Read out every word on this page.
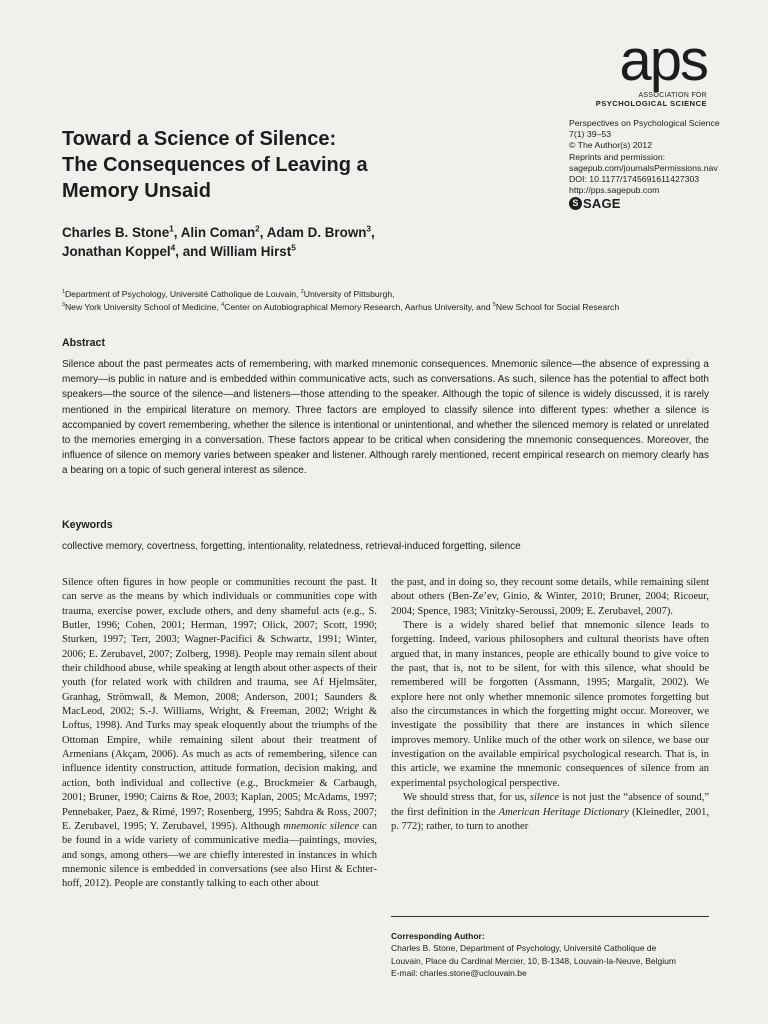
aps
ASSOCIATION FOR
PSYCHOLOGICAL SCIENCE
Perspectives on Psychological Science
7(1) 39–53
© The Author(s) 2012
Reprints and permission:
sagepub.com/journalsPermissions.nav
DOI: 10.1177/1745691611427303
http://pps.sagepub.com
S SAGE
Toward a Science of Silence:
The Consequences of Leaving a
Memory Unsaid
Charles B. Stone$^1$, Alin Coman$^2$, Adam D. Brown$^3$,
Jonathan Koppel$^4$, and William Hirst$^5$
$^1$Department of Psychology, Université Catholique de Louvain, $^2$University of Pittsburgh,
$^3$New York University School of Medicine, $^4$Center on Autobiographical Memory Research, Aarhus University, and $^5$New School for Social Research
Abstract
Silence about the past permeates acts of remembering, with marked mnemonic consequences. Mnemonic silence—the absence of expressing a memory—is public in nature and is embedded within communicative acts, such as conversations. As such, silence has the potential to affect both speakers—the source of the silence—and listeners—those attending to the speaker. Although the topic of silence is widely discussed, it is rarely mentioned in the empirical literature on memory. Three factors are employed to classify silence into different types: whether a silence is accompanied by covert remembering, whether the silence is intentional or unintentional, and whether the silenced memory is related or unrelated to the memories emerging in a conversation. These factors appear to be critical when considering the mnemonic consequences. Moreover, the influence of silence on memory varies between speaker and listener. Although rarely mentioned, recent empirical research on memory clearly has a bearing on a topic of such general interest as silence.
Keywords
collective memory, covertness, forgetting, intentionality, relatedness, retrieval-induced forgetting, silence

Silence often figures in how people or communities recount the past. It can serve as the means by which individuals or communities cope with trauma, exercise power, exclude others, and deny shameful acts (e.g., S. Butler, 1996; Cohen, 2001; Herman, 1997; Olick, 2007; Scott, 1990; Sturken, 1997; Terr, 2003; Wagner-Pacifici & Schwartz, 1991; Winter, 2006; E. Zerubavel, 2007; Zolberg, 1998). People may remain silent about their childhood abuse, while speaking at length about other aspects of their youth (for related work with children and trauma, see Af Hjelmsäter, Granhag, Strömwall, & Memon, 2008; Anderson, 2001; Saunders & MacLeod, 2002; S.-J. Williams, Wright, & Freeman, 2002; Wright & Loftus, 1998). And Turks may speak eloquently about the triumphs of the Ottoman Empire, while remaining silent about their treatment of Armenians (Akçam, 2006). As much as acts of remembering, silence can influence identity construction, attitude formation, decision making, and action, both individual and collective (e.g., Brockmeier & Carbaugh, 2001; Bruner, 1990; Cairns & Roe, 2003; Kaplan, 2005; McAdams, 1997; Pennebaker, Paez, & Rimé, 1997; Rosenberg, 1995; Sahdra & Ross, 2007; E. Zerubavel, 1995; Y. Zerubavel, 1995). Although mnemonic silence can be found in a wide variety of communicative media—paintings, movies, and songs, among others—we are chiefly interested in instances in which mnemonic silence is embedded in conversations (see also Hirst & Echterhoff, 2012). People are constantly talking to each other about

the past, and in doing so, they recount some details, while remaining silent about others (Ben-Ze’ev, Ginio, & Winter, 2010; Bruner, 2004; Ricoeur, 2004; Spence, 1983; Vinitzky-Seroussi, 2009; E. Zerubavel, 2007).

There is a widely shared belief that mnemonic silence leads to forgetting. Indeed, various philosophers and cultural theorists have often argued that, in many instances, people are ethically bound to give voice to the past, that is, not to be silent, for with this silence, what should be remembered will be forgotten (Assmann, 1995; Margalit, 2002). We explore here not only whether mnemonic silence promotes forgetting but also the circumstances in which the forgetting might occur. Moreover, we investigate the possibility that there are instances in which silence improves memory. Unlike much of the other work on silence, we base our investigation on the available empirical psychological research. That is, in this article, we examine the mnemonic consequences of silence from an experimental psychological perspective.

We should stress that, for us, silence is not just the “absence of sound,” the first definition in the American Heritage Dictionary (Kleinedler, 2001, p. 772); rather, to turn to another

Corresponding Author:
Charles B. Stone, Department of Psychology, Université Catholique de
Louvain, Place du Cardinal Mercier, 10, B-1348, Louvain-la-Neuve, Belgium
E-mail: charles.stone@uclouvain.be
